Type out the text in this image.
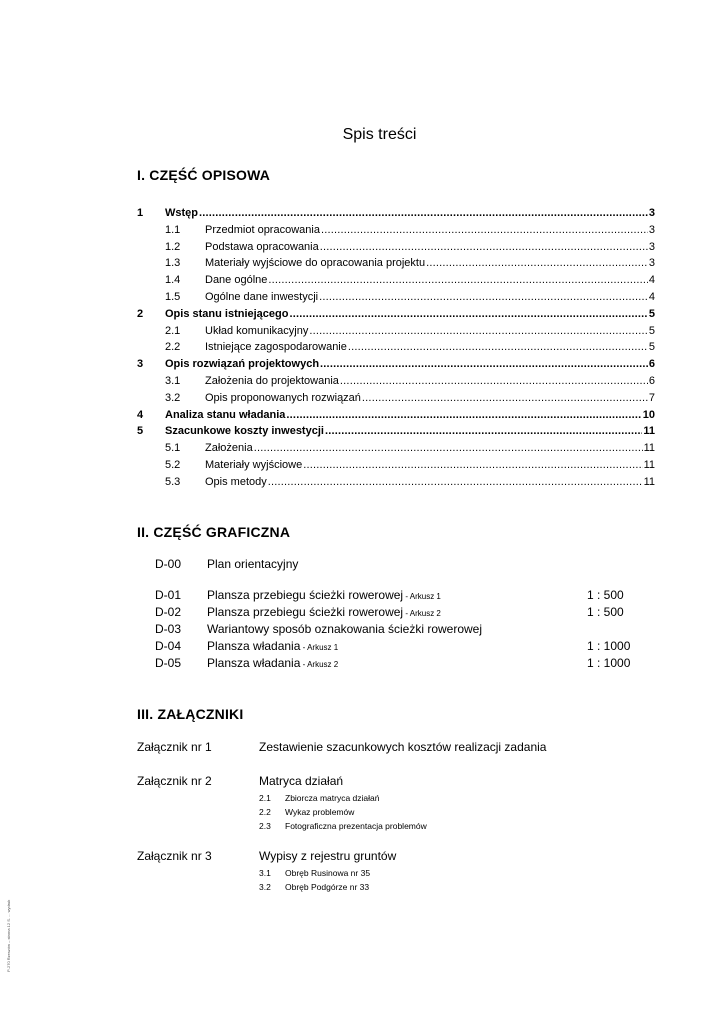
Spis treści
I. CZĘŚĆ OPISOWA
1	Wstęp .....	3
1.1	Przedmiot opracowania .....	3
1.2	Podstawa opracowania .....	3
1.3	Materiały wyjściowe do opracowania projektu .....	3
1.4	Dane ogólne .....	4
1.5	Ogólne dane inwestycji .....	4
2	Opis stanu istniejącego .....	5
2.1	Układ komunikacyjny .....	5
2.2	Istniejące zagospodarowanie .....	5
3	Opis rozwiązań projektowych .....	6
3.1	Założenia do projektowania .....	6
3.2	Opis proponowanych rozwiązań .....	7
4	Analiza stanu władania .....	10
5	Szacunkowe koszty inwestycji .....	11
5.1	Założenia .....	11
5.2	Materiały wyjściowe .....	11
5.3	Opis metody .....	11
II. CZĘŚĆ GRAFICZNA
D-00 Plan orientacyjny
D-01 Plansza przebiegu ścieżki rowerowej - Arkusz 1	1 : 500
D-02 Plansza przebiegu ścieżki rowerowej - Arkusz 2	1 : 500
D-03 Wariantowy sposób oznakowania ścieżki rowerowej
D-04 Plansza władania - Arkusz 1	1 : 1000
D-05 Plansza władania - Arkusz 2	1 : 1000
III. ZAŁĄCZNIKI
Załącznik nr 1	Zestawienie szacunkowych kosztów realizacji zadania
Załącznik nr 2	Matryca działań
2.1 Zbiorcza matryca działań
2.2 Wykaz problemów
2.3 Fotograficzna prezentacja problemów
Załącznik nr 3	Wypisy z rejestru gruntów
3.1 Obręb Rusinowa nr 35
3.2 Obręb Podgórze nr 33
P-270 Rzeszów – strona 12 S. ... wydruk
